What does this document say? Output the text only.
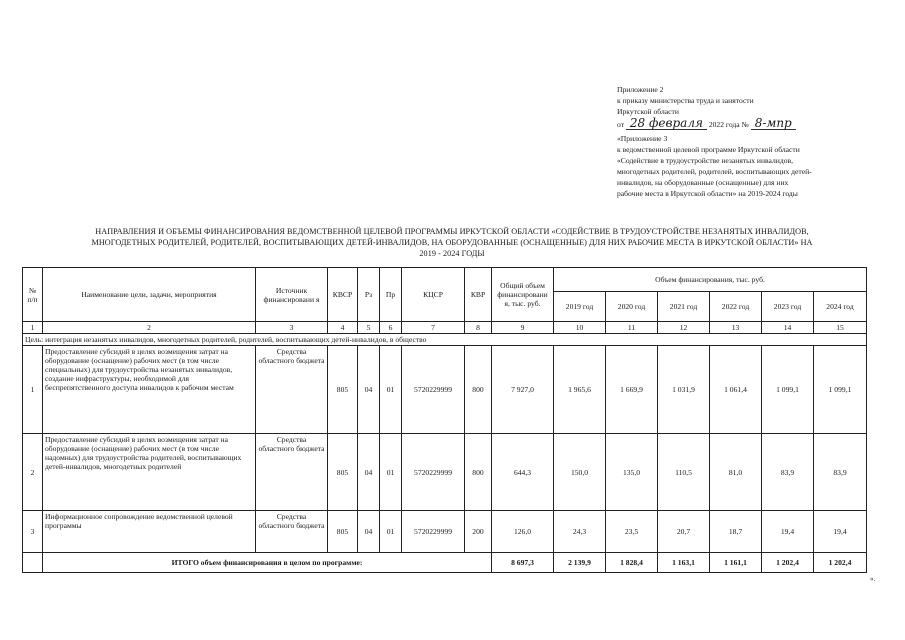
Приложение 2
к приказу министерства труда и занятости
Иркутской области
от 28 февраля 2022 года № 8-мпр
«Приложение 3
к ведомственной целевой программе Иркутской области
«Содействие в трудоустройстве незанятых инвалидов,
многодетных родителей, родителей, воспитывающих детей-
инвалидов, на оборудованные (оснащенные) для них
рабочие места в Иркутской области» на 2019-2024 годы
НАПРАВЛЕНИЯ И ОБЪЕМЫ ФИНАНСИРОВАНИЯ ВЕДОМСТВЕННОЙ ЦЕЛЕВОЙ ПРОГРАММЫ ИРКУТСКОЙ ОБЛАСТИ «СОДЕЙСТВИЕ В ТРУДОУСТРОЙСТВЕ НЕЗАНЯТЫХ ИНВАЛИДОВ,
МНОГОДЕТНЫХ РОДИТЕЛЕЙ, РОДИТЕЛЕЙ, ВОСПИТЫВАЮЩИХ ДЕТЕЙ-ИНВАЛИДОВ, НА ОБОРУДОВАННЫЕ (ОСНАЩЕННЫЕ) ДЛЯ НИХ РАБОЧИЕ МЕСТА В ИРКУТСКОЙ ОБЛАСТИ» НА
2019 - 2024 ГОДЫ
№ п/п	Наименование цели, задачи, мероприятия	Источник финансировани я	КВСР	Рз	Пр	КЦСР	КВР	Общий объем финансировани я, тыс. руб.	Объем финансирования, тыс. руб.					
									2019 год	2020 год	2021 год	2022 год	2023 год	2024 год
1	2	3	4	5	6	7	8	9	10	11	12	13	14	15
Цель: интеграция незанятых инвалидов, многодетных родителей, родителей, воспитывающих детей-инвалидов, в общество														
1	Предоставление субсидий в целях возмещения затрат на оборудование (оснащение) рабочих мест (в том числе специальных) для трудоустройства незанятых инвалидов, создание инфраструктуры, необходимой для беспрепятственного доступа инвалидов к рабочим местам	Средства областного бюджета	805	04	01	5720229999	800	7 927,0	1 965,6	1 669,9	1 031,9	1 061,4	1 099,1	1 099,1
2	Предоставление субсидий в целях возмещения затрат на оборудование (оснащение) рабочих мест (в том числе надомных) для трудоустройства родителей, воспитывающих детей-инвалидов, многодетных родителей	Средства областного бюджета	805	04	01	5720229999	800	644,3	150,0	135,0	110,5	81,0	83,9	83,9
3	Информационное сопровождение ведомственной целевой программы	Средства областного бюджета	805	04	01	5720229999	200	126,0	24,3	23,5	20,7	18,7	19,4	19,4
	ИТОГО объем финансирования в целом по программе:							8 697,3	2 139,9	1 828,4	1 163,1	1 161,1	1 202,4	1 202,4
».
